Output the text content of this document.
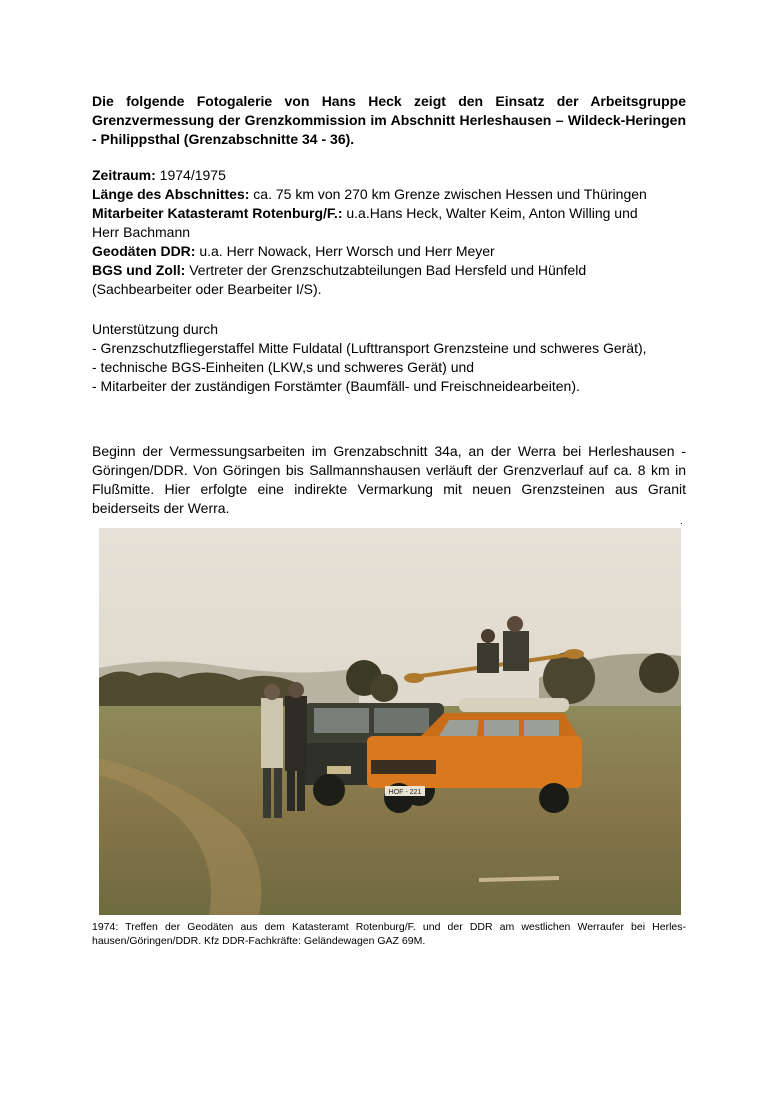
Die folgende Fotogalerie von Hans Heck zeigt den Einsatz der Arbeitsgruppe Grenzvermessung der Grenzkommission im Abschnitt Herleshausen – Wildeck-Heringen - Philippsthal (Grenzabschnitte 34 - 36).
Zeitraum: 1974/1975
Länge des Abschnittes: ca. 75 km von 270 km Grenze zwischen Hessen und Thüringen
Mitarbeiter Katasteramt Rotenburg/F.: u.a.Hans Heck, Walter Keim, Anton Willing und
Herr Bachmann
Geodäten DDR: u.a. Herr Nowack, Herr Worsch und Herr Meyer
BGS und Zoll: Vertreter der Grenzschutzabteilungen Bad Hersfeld und Hünfeld
(Sachbearbeiter oder Bearbeiter I/S).
Unterstützung durch
- Grenzschutzfliegerstaffel Mitte Fuldatal (Lufttransport Grenzsteine und schweres Gerät),
- technische BGS-Einheiten (LKW,s und schweres Gerät) und
- Mitarbeiter der zuständigen Forstämter (Baumfäll- und Freischneidearbeiten).
Beginn der Vermessungsarbeiten im Grenzabschnitt 34a, an der Werra bei Herleshausen - Göringen/DDR. Von Göringen bis Sallmannshausen verläuft der Grenzverlauf auf ca. 8 km in Flußmitte. Hier erfolgte eine indirekte Vermarkung mit neuen Grenzsteinen aus Granit beiderseits der Werra.
.
HOF - 221
1974: Treffen der Geodäten aus dem Katasteramt Rotenburg/F. und der DDR am westlichen Werraufer bei Herles-hausen/Göringen/DDR. Kfz DDR-Fachkräfte: Geländewagen GAZ 69M.
